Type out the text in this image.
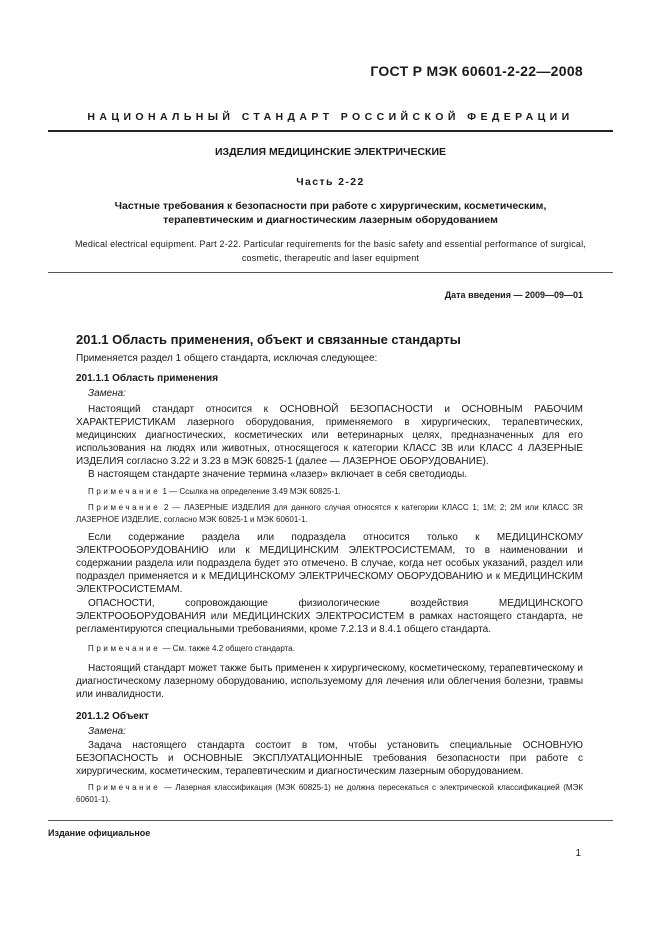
ГОСТ Р МЭК 60601-2-22—2008
НАЦИОНАЛЬНЫЙ СТАНДАРТ РОССИЙСКОЙ ФЕДЕРАЦИИ
ИЗДЕЛИЯ МЕДИЦИНСКИЕ ЭЛЕКТРИЧЕСКИЕ
Часть 2-22
Частные требования к безопасности при работе с хирургическим, косметическим, терапевтическим и диагностическим лазерным оборудованием
Medical electrical equipment. Part 2-22. Particular requirements for the basic safety and essential performance of surgical, cosmetic, therapeutic and laser equipment
Дата введения — 2009—09—01
201.1 Область применения, объект и связанные стандарты
Применяется раздел 1 общего стандарта, исключая следующее:
201.1.1 Область применения
Замена:
Настоящий стандарт относится к ОСНОВНОЙ БЕЗОПАСНОСТИ и ОСНОВНЫМ РАБОЧИМ ХАРАКТЕРИСТИКАМ лазерного оборудования, применяемого в хирургических, терапевтических, медицинских диагностических, косметических или ветеринарных целях, предназначенных для его использования на людях или животных, относящегося к категории КЛАСС 3В или КЛАСС 4 ЛАЗЕРНЫЕ ИЗДЕЛИЯ согласно 3.22 и 3.23 в МЭК 60825-1 (далее — ЛАЗЕРНОЕ ОБОРУДОВАНИЕ).
В настоящем стандарте значение термина «лазер» включает в себя светодиоды.
Примечание 1 — Ссылка на определение 3.49 МЭК 60825-1.
Примечание 2 — ЛАЗЕРНЫЕ ИЗДЕЛИЯ для данного случая относятся к категории КЛАСС 1; 1М; 2; 2М или КЛАСС 3R ЛАЗЕРНОЕ ИЗДЕЛИЕ, согласно МЭК 60825-1 и МЭК 60601-1.
Если содержание раздела или подраздела относится только к МЕДИЦИНСКОМУ ЭЛЕКТРООБОРУДОВАНИЮ или к МЕДИЦИНСКИМ ЭЛЕКТРОСИСТЕМАМ, то в наименовании и содержании раздела или подраздела будет это отмечено. В случае, когда нет особых указаний, раздел или подраздел применяется и к МЕДИЦИНСКОМУ ЭЛЕКТРИЧЕСКОМУ ОБОРУДОВАНИЮ и к МЕДИЦИНСКИМ ЭЛЕКТРОСИСТЕМАМ.
ОПАСНОСТИ, сопровождающие физиологические воздействия МЕДИЦИНСКОГО ЭЛЕКТРООБОРУДОВАНИЯ или МЕДИЦИНСКИХ ЭЛЕКТРОСИСТЕМ в рамках настоящего стандарта, не регламентируются специальными требованиями, кроме 7.2.13 и 8.4.1 общего стандарта.
Примечание — См. также 4.2 общего стандарта.
Настоящий стандарт может также быть применен к хирургическому, косметическому, терапевтическому и диагностическому лазерному оборудованию, используемому для лечения или облегчения болезни, травмы или инвалидности.
201.1.2 Объект
Замена:
Задача настоящего стандарта состоит в том, чтобы установить специальные ОСНОВНУЮ БЕЗОПАСНОСТЬ и ОСНОВНЫЕ ЭКСПЛУАТАЦИОННЫЕ требования безопасности при работе с хирургическим, косметическим, терапевтическим и диагностическим лазерным оборудованием.
Примечание — Лазерная классификация (МЭК 60825-1) не должна пересекаться с электрической классификацией (МЭК 60601-1).
Издание официальное
1
